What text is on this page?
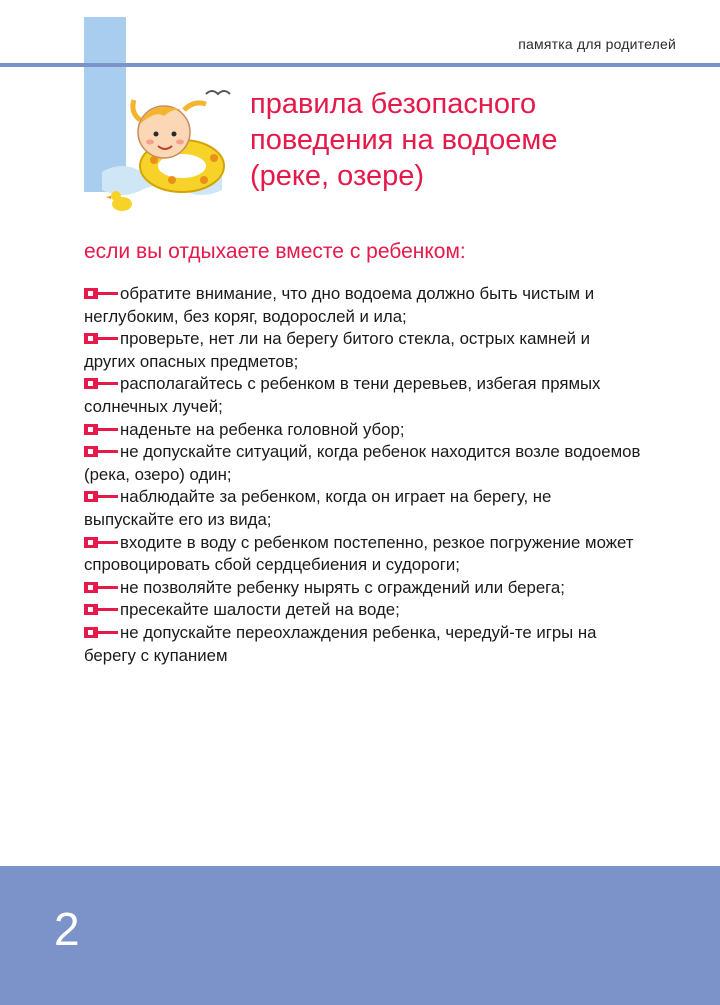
памятка для родителей
правила безопасного
поведения на водоеме
(реке, озере)
если вы отдыхаете вместе с ребенком:
обратите внимание, что дно водоема должно быть чистым и неглубоким, без коряг, водорослей и ила;
проверьте, нет ли на берегу битого стекла, острых камней и других опасных предметов;
располагайтесь с ребенком в тени деревьев, избегая прямых солнечных лучей;
наденьте на ребенка головной убор;
не допускайте ситуаций, когда ребенок находится возле водоемов (река, озеро) один;
наблюдайте за ребенком, когда он играет на берегу, не выпускайте его из вида;
входите в воду с ребенком постепенно, резкое погружение может спровоцировать сбой сердцебиения и судороги;
не позволяйте ребенку нырять с ограждений или берега;
пресекайте шалости детей на воде;
не допускайте переохлаждения ребенка, чередуй-те игры на берегу с купанием
2
